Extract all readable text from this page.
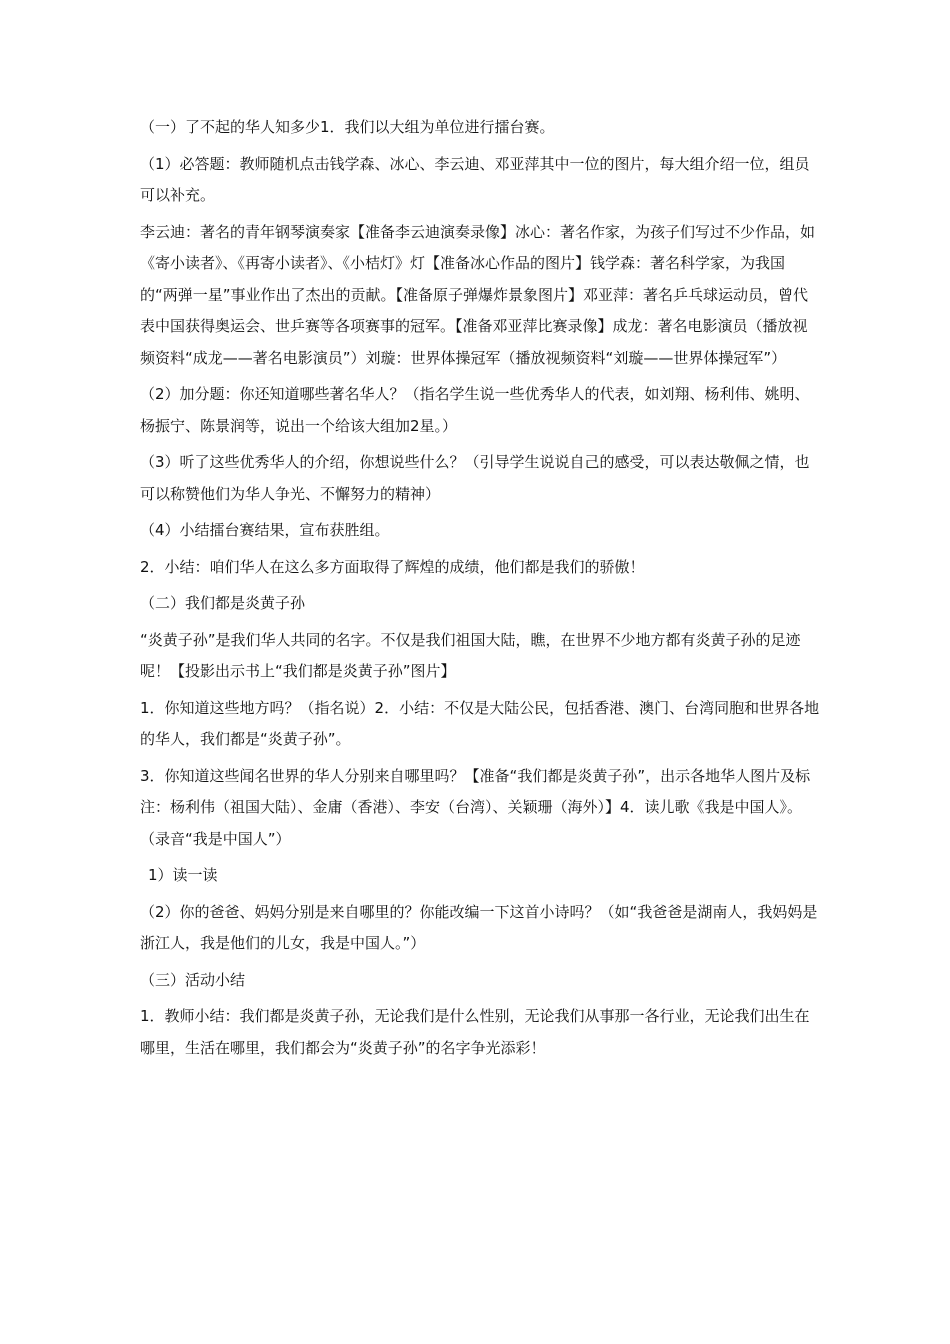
（一）了不起的华人知多少1．我们以大组为单位进行擂台赛。

（1）必答题：教师随机点击钱学森、冰心、李云迪、邓亚萍其中一位的图片，每大组介绍一位，组员可以补充。

李云迪：著名的青年钢琴演奏家【准备李云迪演奏录像】冰心：著名作家，为孩子们写过不少作品，如《寄小读者》、《再寄小读者》、《小桔灯》灯【准备冰心作品的图片】钱学森：著名科学家，为我国的“两弹一星”事业作出了杰出的贡献。【准备原子弹爆炸景象图片】邓亚萍：著名乒乓球运动员，曾代表中国获得奥运会、世乒赛等各项赛事的冠军。【准备邓亚萍比赛录像】成龙：著名电影演员（播放视频资料“成龙——著名电影演员”）刘璇：世界体操冠军（播放视频资料“刘璇——世界体操冠军”）

（2）加分题：你还知道哪些著名华人？（指名学生说一些优秀华人的代表，如刘翔、杨利伟、姚明、杨振宁、陈景润等，说出一个给该大组加2星。）

（3）听了这些优秀华人的介绍，你想说些什么？（引导学生说说自己的感受，可以表达敬佩之情，也可以称赞他们为华人争光、不懈努力的精神）

（4）小结擂台赛结果，宣布获胜组。

2．小结：咱们华人在这么多方面取得了辉煌的成绩，他们都是我们的骄傲！

（二）我们都是炎黄子孙

“炎黄子孙”是我们华人共同的名字。不仅是我们祖国大陆，瞧，在世界不少地方都有炎黄子孙的足迹呢！【投影出示书上“我们都是炎黄子孙”图片】

1．你知道这些地方吗？（指名说）2．小结：不仅是大陆公民，包括香港、澳门、台湾同胞和世界各地的华人，我们都是“炎黄子孙”。

3．你知道这些闻名世界的华人分别来自哪里吗？【准备“我们都是炎黄子孙”，出示各地华人图片及标注：杨利伟（祖国大陆）、金庸（香港）、李安（台湾）、关颖珊（海外）】4．读儿歌《我是中国人》。（录音“我是中国人”）

1）读一读

（2）你的爸爸、妈妈分别是来自哪里的？你能改编一下这首小诗吗？（如“我爸爸是湖南人，我妈妈是浙江人，我是他们的儿女，我是中国人。”）

（三）活动小结

1．教师小结：我们都是炎黄子孙，无论我们是什么性别，无论我们从事那一各行业，无论我们出生在哪里，生活在哪里，我们都会为“炎黄子孙”的名字争光添彩！
